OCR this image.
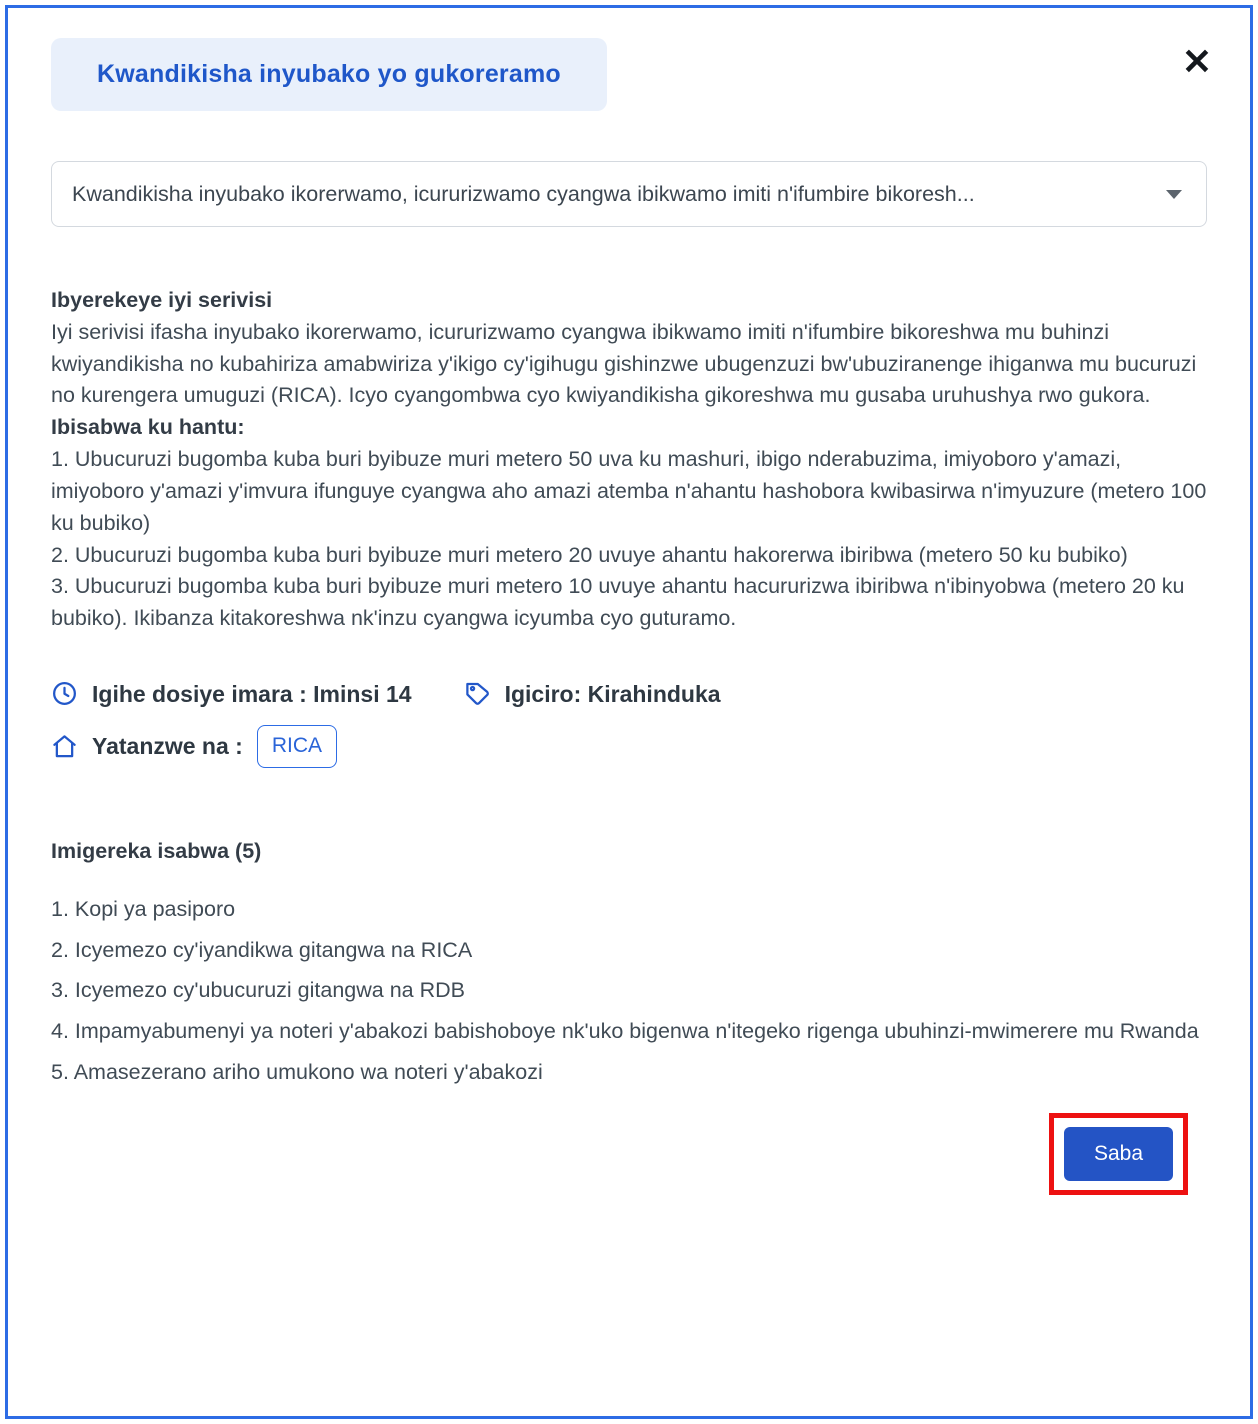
Kwandikisha inyubako yo gukoreramo	✕
Kwandikisha inyubako ikorerwamo, icururizwamo cyangwa ibikwamo imiti n'ifumbire bikoresh...
Ibyerekeye iyi serivisi
Iyi serivisi ifasha inyubako ikorerwamo, icururizwamo cyangwa ibikwamo imiti n'ifumbire bikoreshwa mu buhinzi kwiyandikisha no kubahiriza amabwiriza y'ikigo cy'igihugu gishinzwe ubugenzuzi bw'ubuziranenge ihiganwa mu bucuruzi no kurengera umuguzi (RICA). Icyo cyangombwa cyo kwiyandikisha gikoreshwa mu gusaba uruhushya rwo gukora.
Ibisabwa ku hantu:
1. Ubucuruzi bugomba kuba buri byibuze muri metero 50 uva ku mashuri, ibigo nderabuzima, imiyoboro y'amazi, imiyoboro y'amazi y'imvura ifunguye cyangwa aho amazi atemba n'ahantu hashobora kwibasirwa n'imyuzure (metero 100 ku bubiko)
2. Ubucuruzi bugomba kuba buri byibuze muri metero 20 uvuye ahantu hakorerwa ibiribwa (metero 50 ku bubiko)
3. Ubucuruzi bugomba kuba buri byibuze muri metero 10 uvuye ahantu hacururizwa ibiribwa n'ibinyobwa (metero 20 ku bubiko). Ikibanza kitakoreshwa nk'inzu cyangwa icyumba cyo guturamo.
Igihe dosiye imara : Iminsi 14	Igiciro: Kirahinduka
Yatanzwe na :	RICA
Imigereka isabwa (5)
1. Kopi ya pasiporo
2. Icyemezo cy'iyandikwa gitangwa na RICA
3. Icyemezo cy'ubucuruzi gitangwa na RDB
4. Impamyabumenyi ya noteri y'abakozi babishoboye nk'uko bigenwa n'itegeko rigenga ubuhinzi-mwimerere mu Rwanda
5. Amasezerano ariho umukono wa noteri y'abakozi
Saba
